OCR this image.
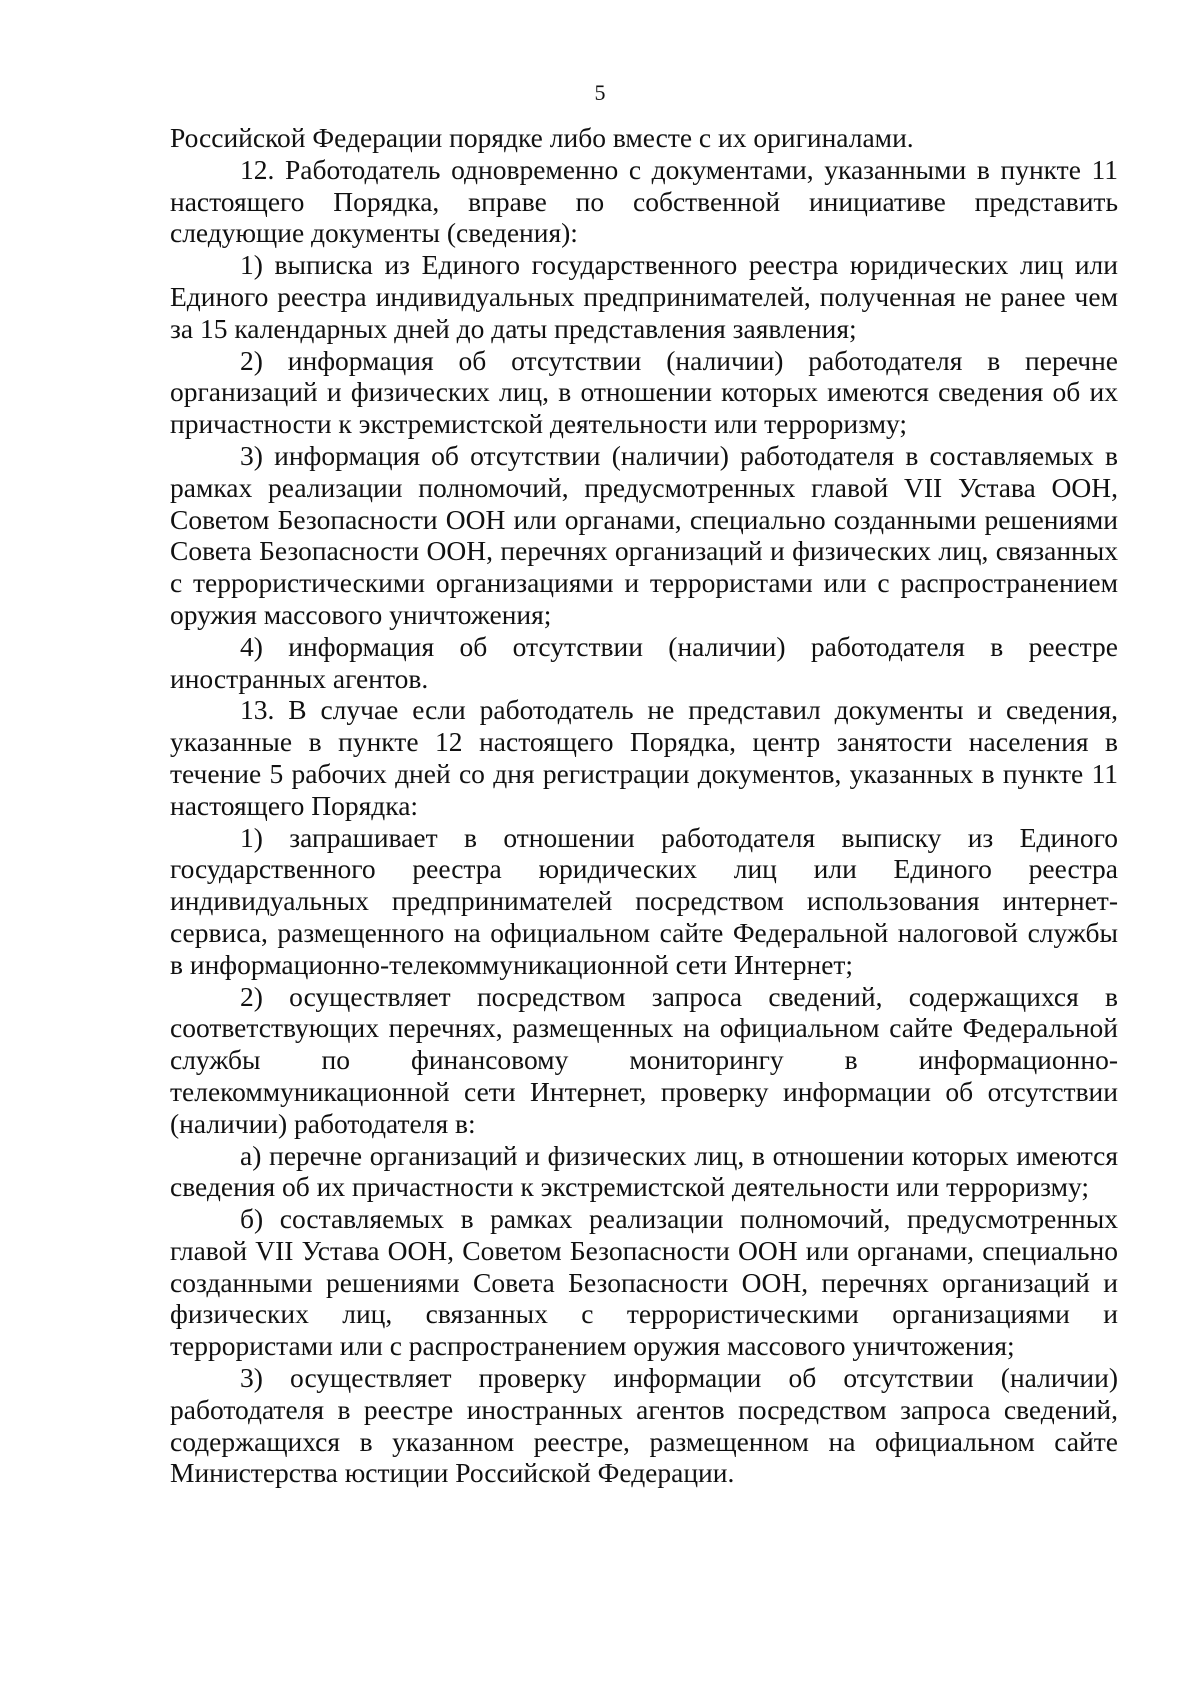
5

Российской Федерации порядке либо вместе с их оригиналами.

12. Работодатель одновременно с документами, указанными в пункте 11 настоящего Порядка, вправе по собственной инициативе представить следующие документы (сведения):

1) выписка из Единого государственного реестра юридических лиц или Единого реестра индивидуальных предпринимателей, полученная не ранее чем за 15 календарных дней до даты представления заявления;

2) информация об отсутствии (наличии) работодателя в перечне организаций и физических лиц, в отношении которых имеются сведения об их причастности к экстремистской деятельности или терроризму;

3) информация об отсутствии (наличии) работодателя в составляемых в рамках реализации полномочий, предусмотренных главой VII Устава ООН, Советом Безопасности ООН или органами, специально созданными решениями Совета Безопасности ООН, перечнях организаций и физических лиц, связанных с террористическими организациями и террористами или с распространением оружия массового уничтожения;

4) информация об отсутствии (наличии) работодателя в реестре иностранных агентов.

13. В случае если работодатель не представил документы и сведения, указанные в пункте 12 настоящего Порядка, центр занятости населения в течение 5 рабочих дней со дня регистрации документов, указанных в пункте 11 настоящего Порядка:

1) запрашивает в отношении работодателя выписку из Единого государственного реестра юридических лиц или Единого реестра индивидуальных предпринимателей посредством использования интернет-сервиса, размещенного на официальном сайте Федеральной налоговой службы в информационно-телекоммуникационной сети Интернет;

2) осуществляет посредством запроса сведений, содержащихся в соответствующих перечнях, размещенных на официальном сайте Федеральной службы по финансовому мониторингу в информационно-телекоммуникационной сети Интернет, проверку информации об отсутствии (наличии) работодателя в:

а) перечне организаций и физических лиц, в отношении которых имеются сведения об их причастности к экстремистской деятельности или терроризму;

б) составляемых в рамках реализации полномочий, предусмотренных главой VII Устава ООН, Советом Безопасности ООН или органами, специально созданными решениями Совета Безопасности ООН, перечнях организаций и физических лиц, связанных с террористическими организациями и террористами или с распространением оружия массового уничтожения;

3) осуществляет проверку информации об отсутствии (наличии) работодателя в реестре иностранных агентов посредством запроса сведений, содержащихся в указанном реестре, размещенном на официальном сайте Министерства юстиции Российской Федерации.
